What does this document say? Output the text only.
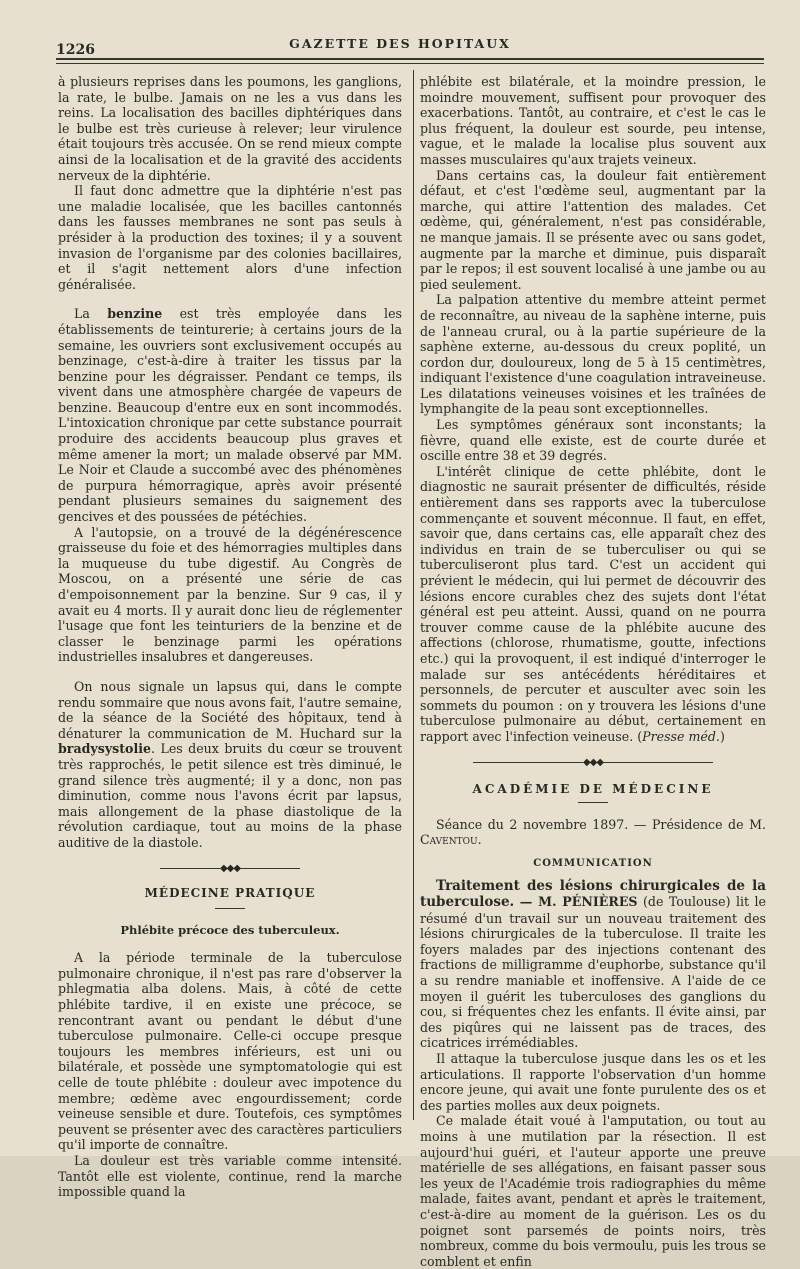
1226	GAZETTE DES HOPITAUX

à plusieurs reprises dans les poumons, les ganglions, la rate, le bulbe. Jamais on ne les a vus dans les reins. La localisation des bacilles diphtériques dans le bulbe est très curieuse à relever; leur virulence était toujours très accusée. On se rend mieux compte ainsi de la localisation et de la gravité des accidents nerveux de la diphtérie.

Il faut donc admettre que la diphtérie n'est pas une maladie localisée, que les bacilles cantonnés dans les fausses membranes ne sont pas seuls à présider à la production des toxines; il y a souvent invasion de l'organisme par des colonies bacillaires, et il s'agit nettement alors d'une infection généralisée.

La benzine est très employée dans les établissements de teinturerie; à certains jours de la semaine, les ouvriers sont exclusivement occupés au benzinage, c'est-à-dire à traiter les tissus par la benzine pour les dégraisser. Pendant ce temps, ils vivent dans une atmosphère chargée de vapeurs de benzine. Beaucoup d'entre eux en sont incommodés. L'intoxication chronique par cette substance pourrait produire des accidents beaucoup plus graves et même amener la mort; un malade observé par MM. Le Noir et Claude a succombé avec des phénomènes de purpura hémorragique, après avoir présenté pendant plusieurs semaines du saignement des gencives et des poussées de pétéchies.

A l'autopsie, on a trouvé de la dégénérescence graisseuse du foie et des hémorragies multiples dans la muqueuse du tube digestif. Au Congrès de Moscou, on a présenté une série de cas d'empoisonnement par la benzine. Sur 9 cas, il y avait eu 4 morts. Il y aurait donc lieu de réglementer l'usage que font les teinturiers de la benzine et de classer le benzinage parmi les opérations industrielles insalubres et dangereuses.

On nous signale un lapsus qui, dans le compte rendu sommaire que nous avons fait, l'autre semaine, de la séance de la Société des hôpitaux, tend à dénaturer la communication de M. Huchard sur la bradysystolie. Les deux bruits du cœur se trouvent très rapprochés, le petit silence est très diminué, le grand silence très augmenté; il y a donc, non pas diminution, comme nous l'avons écrit par lapsus, mais allongement de la phase diastolique de la révolution cardiaque, tout au moins de la phase auditive de la diastole.

◆◆◆
MÉDECINE PRATIQUE
Phlébite précoce des tuberculeux.

A la période terminale de la tuberculose pulmonaire chronique, il n'est pas rare d'observer la phlegmatia alba dolens. Mais, à côté de cette phlébite tardive, il en existe une précoce, se rencontrant avant ou pendant le début d'une tuberculose pulmonaire. Celle-ci occupe presque toujours les membres inférieurs, est uni ou bilatérale, et possède une symptomatologie qui est celle de toute phlébite : douleur avec impotence du membre; œdème avec engourdissement; corde veineuse sensible et dure. Toutefois, ces symptômes peuvent se présenter avec des caractères particuliers qu'il importe de connaître.

La douleur est très variable comme intensité. Tantôt elle est violente, continue, rend la marche impossible quand la

phlébite est bilatérale, et la moindre pression, le moindre mouvement, suffisent pour provoquer des exacerbations. Tantôt, au contraire, et c'est le cas le plus fréquent, la douleur est sourde, peu intense, vague, et le malade la localise plus souvent aux masses musculaires qu'aux trajets veineux.

Dans certains cas, la douleur fait entièrement défaut, et c'est l'œdème seul, augmentant par la marche, qui attire l'attention des malades. Cet œdème, qui, généralement, n'est pas considérable, ne manque jamais. Il se présente avec ou sans godet, augmente par la marche et diminue, puis disparaît par le repos; il est souvent localisé à une jambe ou au pied seulement.

La palpation attentive du membre atteint permet de reconnaître, au niveau de la saphène interne, puis de l'anneau crural, ou à la partie supérieure de la saphène externe, au-dessous du creux poplité, un cordon dur, douloureux, long de 5 à 15 centimètres, indiquant l'existence d'une coagulation intraveineuse. Les dilatations veineuses voisines et les traînées de lymphangite de la peau sont exceptionnelles.

Les symptômes généraux sont inconstants; la fièvre, quand elle existe, est de courte durée et oscille entre 38 et 39 degrés.

L'intérêt clinique de cette phlébite, dont le diagnostic ne saurait présenter de difficultés, réside entièrement dans ses rapports avec la tuberculose commençante et souvent méconnue. Il faut, en effet, savoir que, dans certains cas, elle apparaît chez des individus en train de se tuberculiser ou qui se tuberculiseront plus tard. C'est un accident qui prévient le médecin, qui lui permet de découvrir des lésions encore curables chez des sujets dont l'état général est peu atteint. Aussi, quand on ne pourra trouver comme cause de la phlébite aucune des affections (chlorose, rhumatisme, goutte, infections etc.) qui la provoquent, il est indiqué d'interroger le malade sur ses antécédents héréditaires et personnels, de percuter et ausculter avec soin les sommets du poumon : on y trouvera les lésions d'une tuberculose pulmonaire au début, certainement en rapport avec l'infection veineuse. (Presse méd.)

◆◆◆
ACADÉMIE DE MÉDECINE

Séance du 2 novembre 1897. — Présidence de M. Caventou.

COMMUNICATION

Traitement des lésions chirurgicales de la tuberculose. — M. PÉNIÈRES (de Toulouse) lit le résumé d'un travail sur un nouveau traitement des lésions chirurgicales de la tuberculose. Il traite les foyers malades par des injections contenant des fractions de milligramme d'euphorbe, substance qu'il a su rendre maniable et inoffensive. A l'aide de ce moyen il guérit les tuberculoses des ganglions du cou, si fréquentes chez les enfants. Il évite ainsi, par des piqûres qui ne laissent pas de traces, des cicatrices irrémédiables.

Il attaque la tuberculose jusque dans les os et les articulations. Il rapporte l'observation d'un homme encore jeune, qui avait une fonte purulente des os et des parties molles aux deux poignets.

Ce malade était voué à l'amputation, ou tout au moins à une mutilation par la résection. Il est aujourd'hui guéri, et l'auteur apporte une preuve matérielle de ses allégations, en faisant passer sous les yeux de l'Académie trois radiographies du même malade, faites avant, pendant et après le traitement, c'est-à-dire au moment de la guérison. Les os du poignet sont parsemés de points noirs, très nombreux, comme du bois vermoulu, puis les trous se comblent et enfin
